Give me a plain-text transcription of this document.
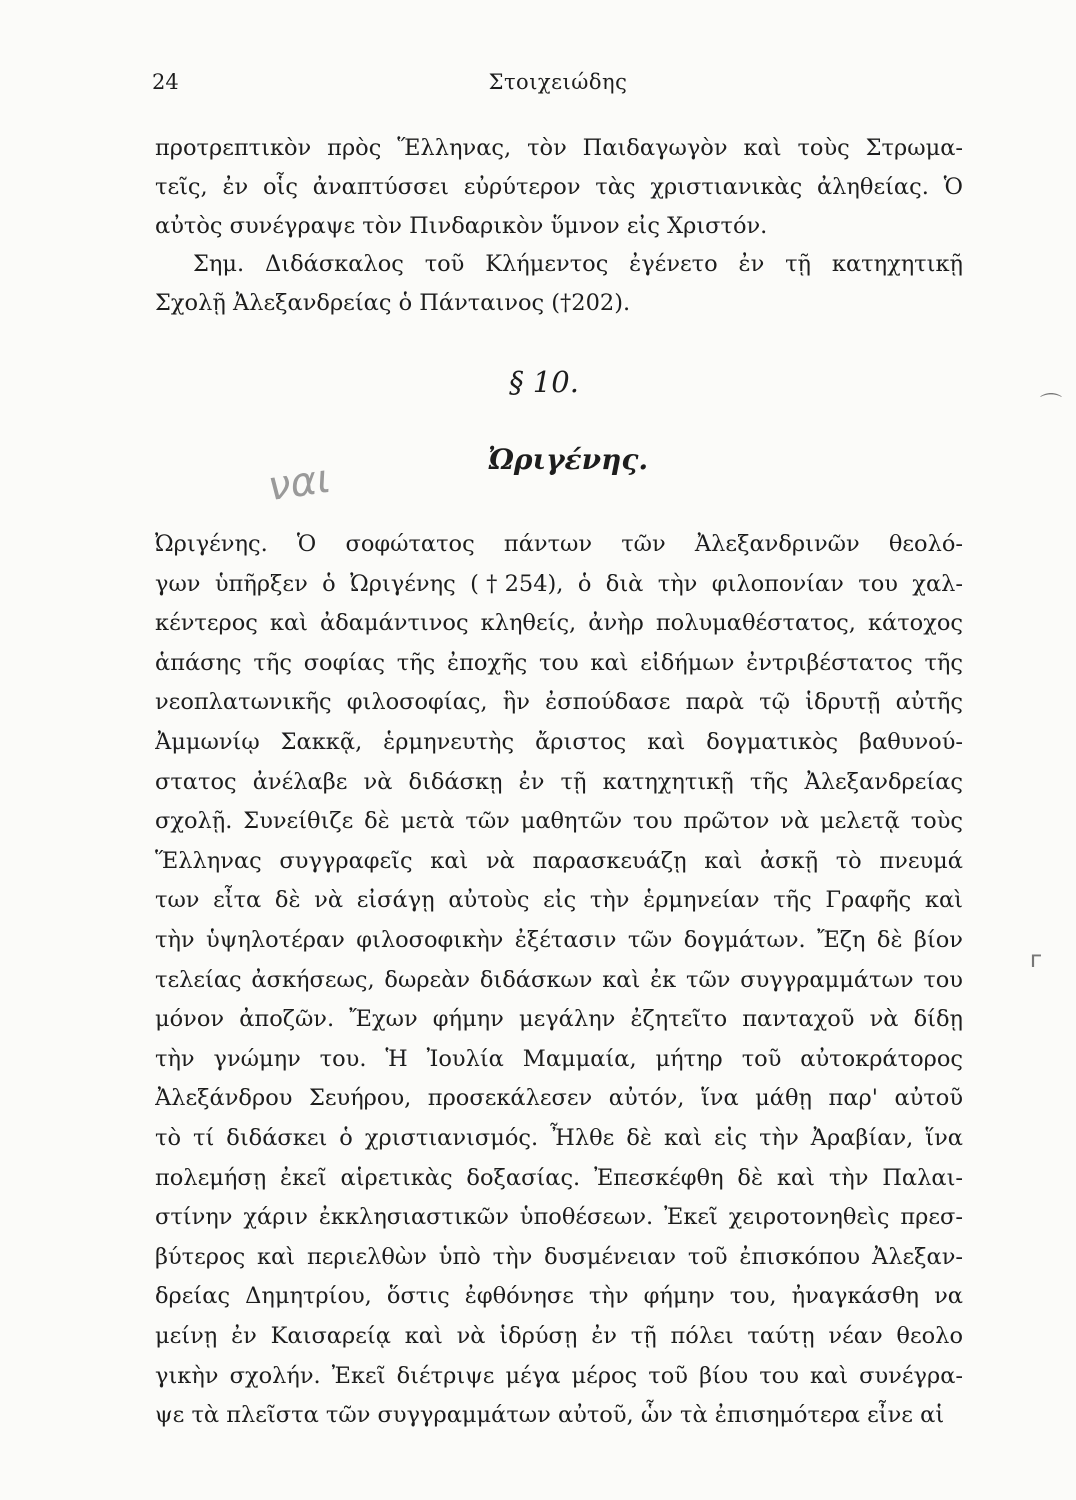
24	Στοιχειώδης
προτρεπτικὸν πρὸς Ἕλληνας, τὸν Παιδαγωγὸν καὶ τοὺς Στρωμα-
τεῖς, ἐν οἷς ἀναπτύσσει εὐρύτερον τὰς χριστιανικὰς ἀληθείας. Ὁ
αὐτὸς συνέγραψε τὸν Πινδαρικὸν ὕμνον εἰς Χριστόν.
Σημ. Διδάσκαλος τοῦ Κλήμεντος ἐγένετο ἐν τῇ κατηχητικῇ
Σχολῇ Ἀλεξανδρείας ὁ Πάνταινος (†202).
§ 10.
Ὠριγένης.
ναι
Ὠριγένης. Ὁ σοφώτατος πάντων τῶν Ἀλεξανδρινῶν θεολό-
γων ὑπῆρξεν ὁ Ὠριγένης (†254), ὁ διὰ τὴν φιλοπονίαν του χαλ-
κέντερος καὶ ἀδαμάντινος κληθείς, ἀνὴρ πολυμαθέστατος, κάτοχος
ἁπάσης τῆς σοφίας τῆς ἐποχῆς του καὶ εἰδήμων ἐντριβέστατος τῆς
νεοπλατωνικῆς φιλοσοφίας, ἣν ἐσπούδασε παρὰ τῷ ἱδρυτῇ αὐτῆς
Ἀμμωνίῳ Σακκᾷ, ἑρμηνευτὴς ἄριστος καὶ δογματικὸς βαθυνού-
στατος ἀνέλαβε νὰ διδάσκῃ ἐν τῇ κατηχητικῇ τῆς Ἀλεξανδρείας
σχολῇ. Συνείθιζε δὲ μετὰ τῶν μαθητῶν του πρῶτον νὰ μελετᾷ τοὺς
Ἕλληνας συγγραφεῖς καὶ νὰ παρασκευάζῃ καὶ ἀσκῇ τὸ πνευμά
των εἶτα δὲ νὰ εἰσάγῃ αὐτοὺς εἰς τὴν ἑρμηνείαν τῆς Γραφῆς καὶ
τὴν ὑψηλοτέραν φιλοσοφικὴν ἐξέτασιν τῶν δογμάτων. Ἔζη δὲ βίον
τελείας ἀσκήσεως, δωρεὰν διδάσκων καὶ ἐκ τῶν συγγραμμάτων του
μόνον ἀποζῶν. Ἔχων φήμην μεγάλην ἐζητεῖτο πανταχοῦ νὰ δίδῃ
τὴν γνώμην του. Ἡ Ἰουλία Μαμμαία, μήτηρ τοῦ αὐτοκράτορος
Ἀλεξάνδρου Σευήρου, προσεκάλεσεν αὐτόν, ἵνα μάθῃ παρ' αὐτοῦ
τὸ τί διδάσκει ὁ χριστιανισμός. Ἦλθε δὲ καὶ εἰς τὴν Ἀραβίαν, ἵνα
πολεμήσῃ ἐκεῖ αἱρετικὰς δοξασίας. Ἐπεσκέφθη δὲ καὶ τὴν Παλαι-
στίνην χάριν ἐκκλησιαστικῶν ὑποθέσεων. Ἐκεῖ χειροτονηθεὶς πρεσ-
βύτερος καὶ περιελθὼν ὑπὸ τὴν δυσμένειαν τοῦ ἐπισκόπου Ἀλεξαν-
δρείας Δημητρίου, ὅστις ἐφθόνησε τὴν φήμην του, ἠναγκάσθη να
μείνῃ ἐν Καισαρείᾳ καὶ νὰ ἱδρύσῃ ἐν τῇ πόλει ταύτῃ νέαν θεολο
γικὴν σχολήν. Ἐκεῖ διέτριψε μέγα μέρος τοῦ βίου του καὶ συνέγρα-
ψε τὰ πλεῖστα τῶν συγγραμμάτων αὐτοῦ, ὧν τὰ ἐπισημότερα εἶνε αἱ
⌒
ᴦ
